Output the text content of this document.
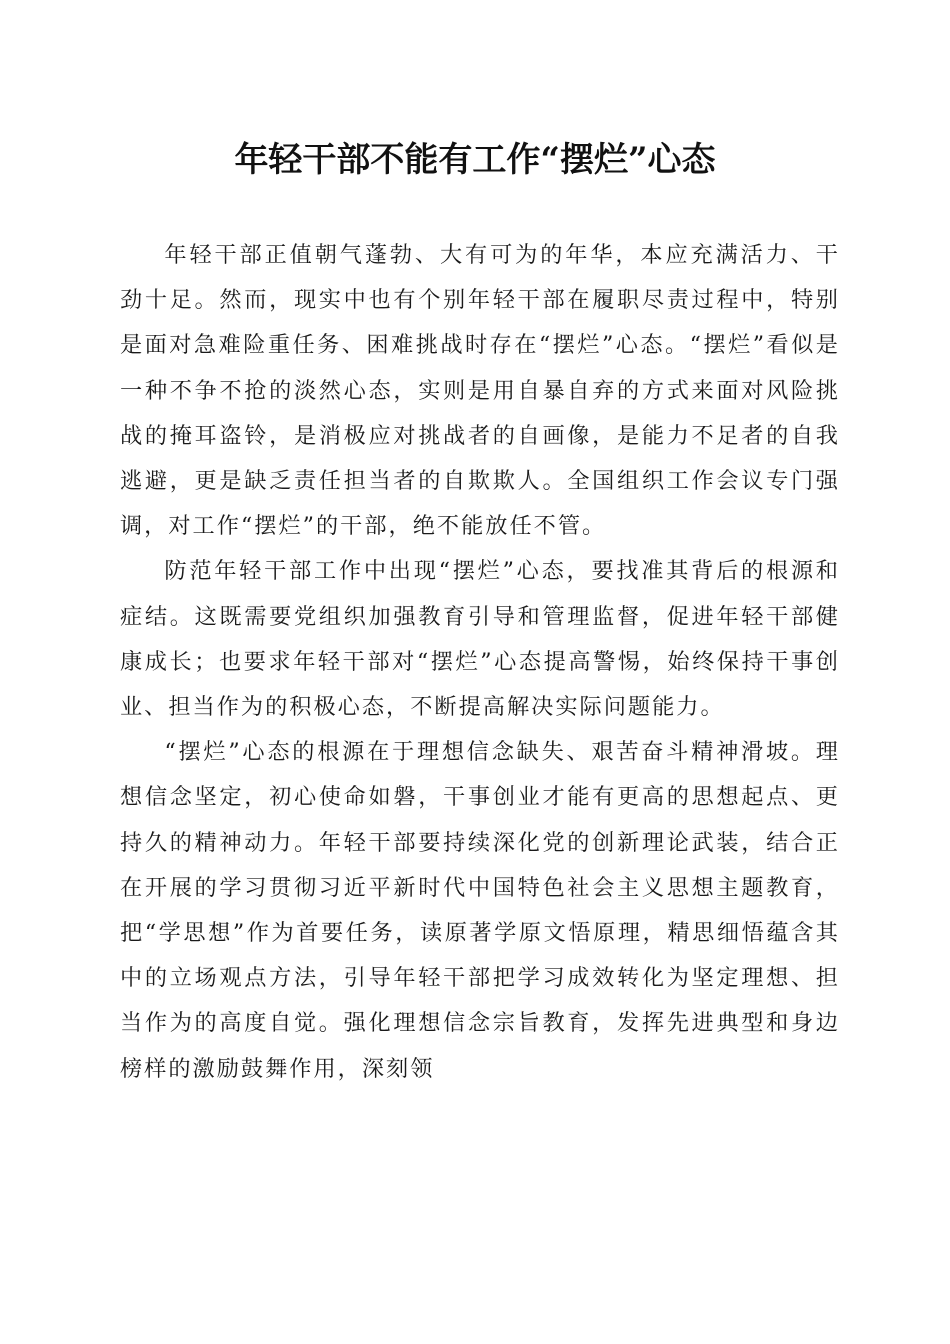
年轻干部不能有工作“摆烂”心态

年轻干部正值朝气蓬勃、大有可为的年华，本应充满活力、干劲十足。然而，现实中也有个别年轻干部在履职尽责过程中，特别是面对急难险重任务、困难挑战时存在“摆烂”心态。“摆烂”看似是一种不争不抢的淡然心态，实则是用自暴自弃的方式来面对风险挑战的掩耳盗铃，是消极应对挑战者的自画像，是能力不足者的自我逃避，更是缺乏责任担当者的自欺欺人。全国组织工作会议专门强调，对工作“摆烂”的干部，绝不能放任不管。

防范年轻干部工作中出现“摆烂”心态，要找准其背后的根源和症结。这既需要党组织加强教育引导和管理监督，促进年轻干部健康成长；也要求年轻干部对“摆烂”心态提高警惕，始终保持干事创业、担当作为的积极心态，不断提高解决实际问题能力。

“摆烂”心态的根源在于理想信念缺失、艰苦奋斗精神滑坡。理想信念坚定，初心使命如磐，干事创业才能有更高的思想起点、更持久的精神动力。年轻干部要持续深化党的创新理论武装，结合正在开展的学习贯彻习近平新时代中国特色社会主义思想主题教育，把“学思想”作为首要任务，读原著学原文悟原理，精思细悟蕴含其中的立场观点方法，引导年轻干部把学习成效转化为坚定理想、担当作为的高度自觉。强化理想信念宗旨教育，发挥先进典型和身边榜样的激励鼓舞作用，深刻领
